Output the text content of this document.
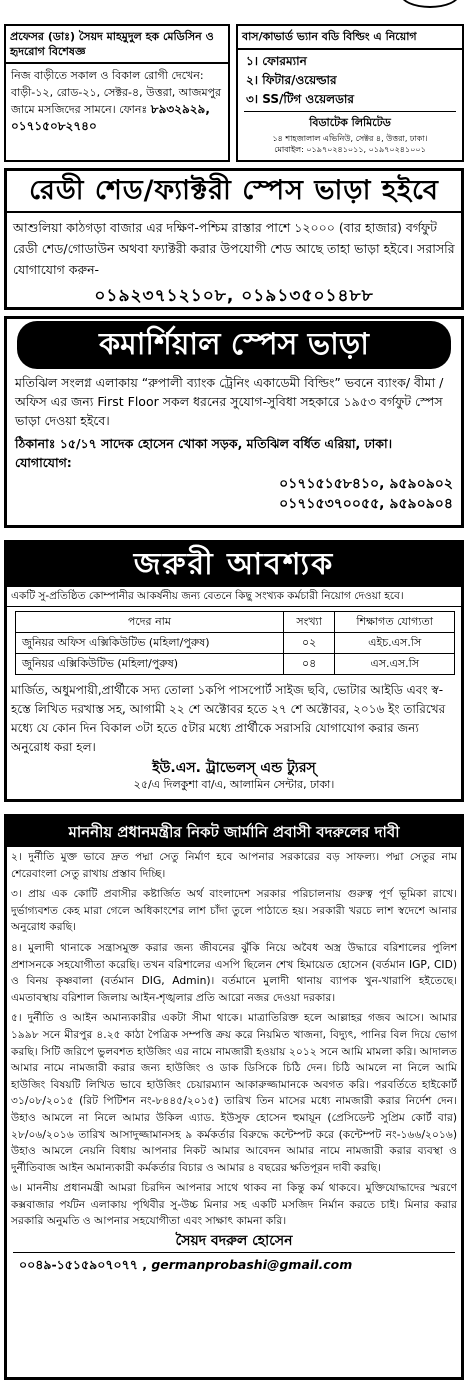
প্রফেসর (ডাঃ) সৈয়দ মাহমুদুল হক মেডিসিন ও হৃদরোগ বিশেষজ্ঞ
নিজ বাড়ীতে সকাল ও বিকাল রোগী দেখেন: বাড়ী-১২, রোড-২১, সেক্টর-৪, উত্তরা, আজমপুর জামে মসজিদের সামনে। ফোনঃ ৮৯৩২৯২৯, ০১৭১৫০৮২৭৪০
বাস/কাভার্ড ভ্যান বডি বিল্ডিং এ নিয়োগ
১। ফোরম্যান
২। ফিটার/ওয়েল্ডার
৩। SS/টিগ ওয়েলডার
বিডাটেক লিমিটেড
১৪ শাহজালাল এভিনিউ, সেক্টর ৪, উত্তরা, ঢাকা।
মোবাইল: ০১৯৭০২৪১০১১, ০১৯৭০২৪১০০১
রেডী শেড/ফ্যাক্টরী স্পেস ভাড়া হইবে
আশুলিয়া কাঠগড়া বাজার এর দক্ষিণ-পশ্চিম রাস্তার পাশে ১২০০০ (বার হাজার) বর্গফুট রেডী শেড/গোডাউন অথবা ফ্যাক্টরী করার উপযোগী শেড আছে তাহা ভাড়া হইবে। সরাসরি যোগাযোগ করুন-
০১৯২৩৭১২১০৮, ০১৯১৩৫০১৪৮৮
কমার্শিয়াল স্পেস ভাড়া
মতিঝিল সংলগ্ন এলাকায় “রুপালী ব্যাংক ট্রেনিং একাডেমী বিল্ডিং” ভবনে ব্যাংক/ বীমা / অফিস এর জন্য First Floor সকল ধরনের সুযোগ-সুবিধা সহকারে ১৯৫৩ বর্গফুট স্পেস ভাড়া দেওয়া হইবে।
ঠিকানাঃ ১৫/১৭ সাদেক হোসেন খোকা সড়ক, মতিঝিল বর্ধিত এরিয়া, ঢাকা। যোগাযোগ:
০১৭১৫১৫৮৪১০, ৯৫৯০৯০২
০১৭১৫৩৭০০৫৫, ৯৫৯০৯০৪
জরুরী আবশ্যক
একটি সু-প্রতিষ্ঠিত কোম্পানীর আকর্ষনীয় জন্য বেতনে কিছু সংখ্যক কর্মচারী নিয়োগ দেওয়া হবে।
পদের নাম	সংখ্যা	শিক্ষাগত যোগ্যতা
জুনিয়র অফিস এক্সিকিউটিভ (মহিলা/পুরুষ)	০২	এইচ.এস.সি
জুনিয়র এক্সিকিউটিভ (মহিলা/পুরুষ)	০৪	এস.এস.সি
মার্জিত, অধুমপায়ী,প্রার্থীকে সদ্য তোলা ১কপি পাসপোর্ট সাইজ ছবি, ভোটার আইডি এবং স্ব-হস্তে লিখিত দরখাস্ত সহ, আগামী ২২ শে অক্টোবর হতে ২৭ শে অক্টোবর, ২০১৬ ইং তারিখের মধ্যে যে কোন দিন বিকাল ৩টা হতে ৫টার মধ্যে প্রার্থীকে সরাসরি যোগাযোগ করার জন্য অনুরোধ করা হল।
ইউ.এস. ট্রাভেলস্ এন্ড ট্যুরস্
২৫/এ দিলকুশা বা/এ, আলামিন সেন্টার, ঢাকা।
মাননীয় প্রধানমন্ত্রীর নিকট জার্মানি প্রবাসী বদরুলের দাবী
২। দুর্নীতি মুক্ত ভাবে দ্রুত পদ্মা সেতু নির্মাণ হবে আপনার সরকারের বড় সাফল্য। পদ্মা সেতুর নাম শেরেবাংলা সেতু রাখায় প্রস্তাব দিচ্ছি।
৩। প্রায় এক কোটি প্রবাসীর কষ্টার্জিত অর্থ বাংলাদেশ সরকার পরিচালনায় গুরুত্ব পূর্ণ ভূমিকা রাখে। দুর্ভাগ্যবশত কেহ মারা গেলে অধিকাংশের লাশ চাঁদা তুলে পাঠাতে হয়। সরকারী খরচে লাশ স্বদেশে আনার অনুরোধ করছি।
৪। মুলাদী থানাকে সন্ত্রাসমুক্ত করার জন্য জীবনের ঝুঁকি নিয়ে অবৈধ অস্ত্র উদ্ধারে বরিশালের পুলিশ প্রশাসনকে সহযোগীতা করেছি। তখন বরিশালের এসপি ছিলেন শেখ হিমায়েত হোসেন (বর্তমান IGP, CID) ও বিনয় কৃষ্ণবালা (বর্তমান DIG, Admin)। বর্তমানে মুলাদী থানায় ব্যাপক খুন-খারাপি হইতেছে। এমতাবস্থায় বরিশাল জিলায় আইন-শৃঙ্খলার প্রতি আরো নজর দেওয়া দরকার।
৫। দুর্নীতি ও আইন অমান্যকারীর একটা সীমা থাকে। মাত্রাতিরিক্ত হলে আল্লাহর গজব আসে। আমার ১৯৯৮ সনে মীরপুর ৪.২৫ কাঠা পৈত্রিক সম্পত্তি ক্রয় করে নিয়মিত খাজনা, বিদ্যুৎ, পানির বিল দিয়ে ভোগ করছি। সিটি জরিপে ভুলবশত হাউজিং এর নামে নামজারী হওয়ায় ২০১২ সনে আমি মামলা করি। আদালত আমার নামে নামজারী করার জন্য হাউজিং ও ডাক ডিসিকে চিঠি দেন। চিঠি আমলে না নিলে আমি হাউজিং বিষয়টি লিখিত ভাবে হাউজিং চেয়ারম্যান আকারুজ্জামানকে অবগত করি। পরবর্তিতে হাইকোর্ট ৩১/০৮/২০১৫ (রিট পিটিশন নং-৮৪৪৫/২০১৫) তারিখ তিন মাসের মধ্যে নামজারী করার নির্দেশ দেন। উহাও আমলে না নিলে আমার উকিল এ্যাড. ইউসুফ হোসেন হুমায়ূন (প্রেসিডেন্ট সুপ্রিম কোর্ট বার) ২৮/০৬/২০১৬ তারিখ আসাদুজ্জামানসহ ৯ কর্মকর্তার বিরুদ্ধে কন্টেম্পট করে (কন্টেম্পট নং-১৬৬/২০১৬) উহাও আমলে নেয়নি বিধায় আপনার নিকট আমার আবেদন আমার নামে নামজারী করার ব্যবস্থা ও দুর্নীতিবাজ আইন অমান্যকারী কর্মকর্তার বিচার ও আমার ৪ বছরের ক্ষতিপূরন দাবী করছি।
৬। মাননীয় প্রধানমন্ত্রী আমরা চিরদিন আপনার সাথে থাকব না কিন্তু কর্ম থাকবে। মুক্তিযোদ্ধাদের স্মরণে কক্সবাজার পর্যটন এলাকায় পৃথিবীর সু-উচ্চ মিনার সহ একটি মসজিদ নির্মান করতে চাই। মিনার করার সরকারি অনুমতি ও আপনার সহযোগীতা এবং সাক্ষাৎ কামনা করি।
সৈয়দ বদরুল হোসেন
০০৪৯-১৫১৫৯০৭০৭৭ , germanprobashi@gmail.com
